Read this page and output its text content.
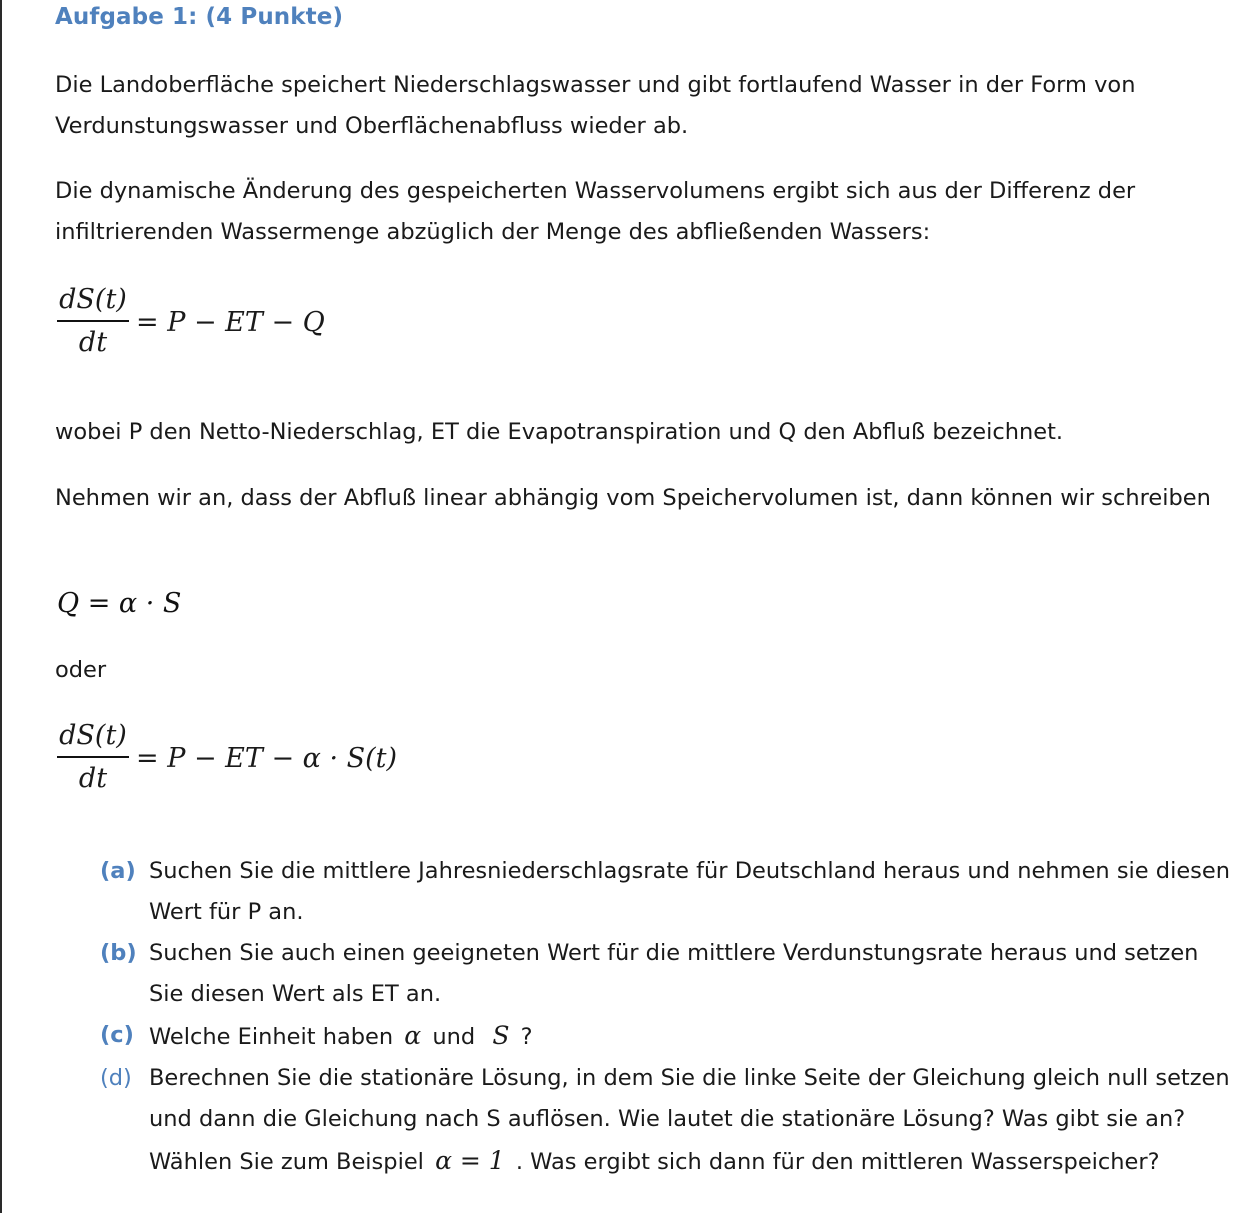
Aufgabe 1: (4 Punkte)

Die Landoberfläche speichert Niederschlagswasser und gibt fortlaufend Wasser in der Form von Verdunstungswasser und Oberflächenabfluss wieder ab.

Die dynamische Änderung des gespeicherten Wasservolumens ergibt sich aus der Differenz der infiltrierenden Wassermenge abzüglich der Menge des abfließenden Wassers:

dS(t)
dt
= P − ET − Q

wobei P den Netto-Niederschlag, ET die Evapotranspiration und Q den Abfluß bezeichnet.

Nehmen wir an, dass der Abfluß linear abhängig vom Speichervolumen ist, dann können wir schreiben

Q = α · S

oder

dS(t)
dt
= P − ET − α · S(t)
(a) Suchen Sie die mittlere Jahresniederschlagsrate für Deutschland heraus und nehmen sie diesen Wert für P an.
(b) Suchen Sie auch einen geeigneten Wert für die mittlere Verdunstungsrate heraus und setzen Sie diesen Wert als ET an.
(c) Welche Einheit haben α und S ?
(d) Berechnen Sie die stationäre Lösung, in dem Sie die linke Seite der Gleichung gleich null setzen und dann die Gleichung nach S auflösen. Wie lautet die stationäre Lösung? Was gibt sie an? Wählen Sie zum Beispiel α = 1 . Was ergibt sich dann für den mittleren Wasserspeicher?
